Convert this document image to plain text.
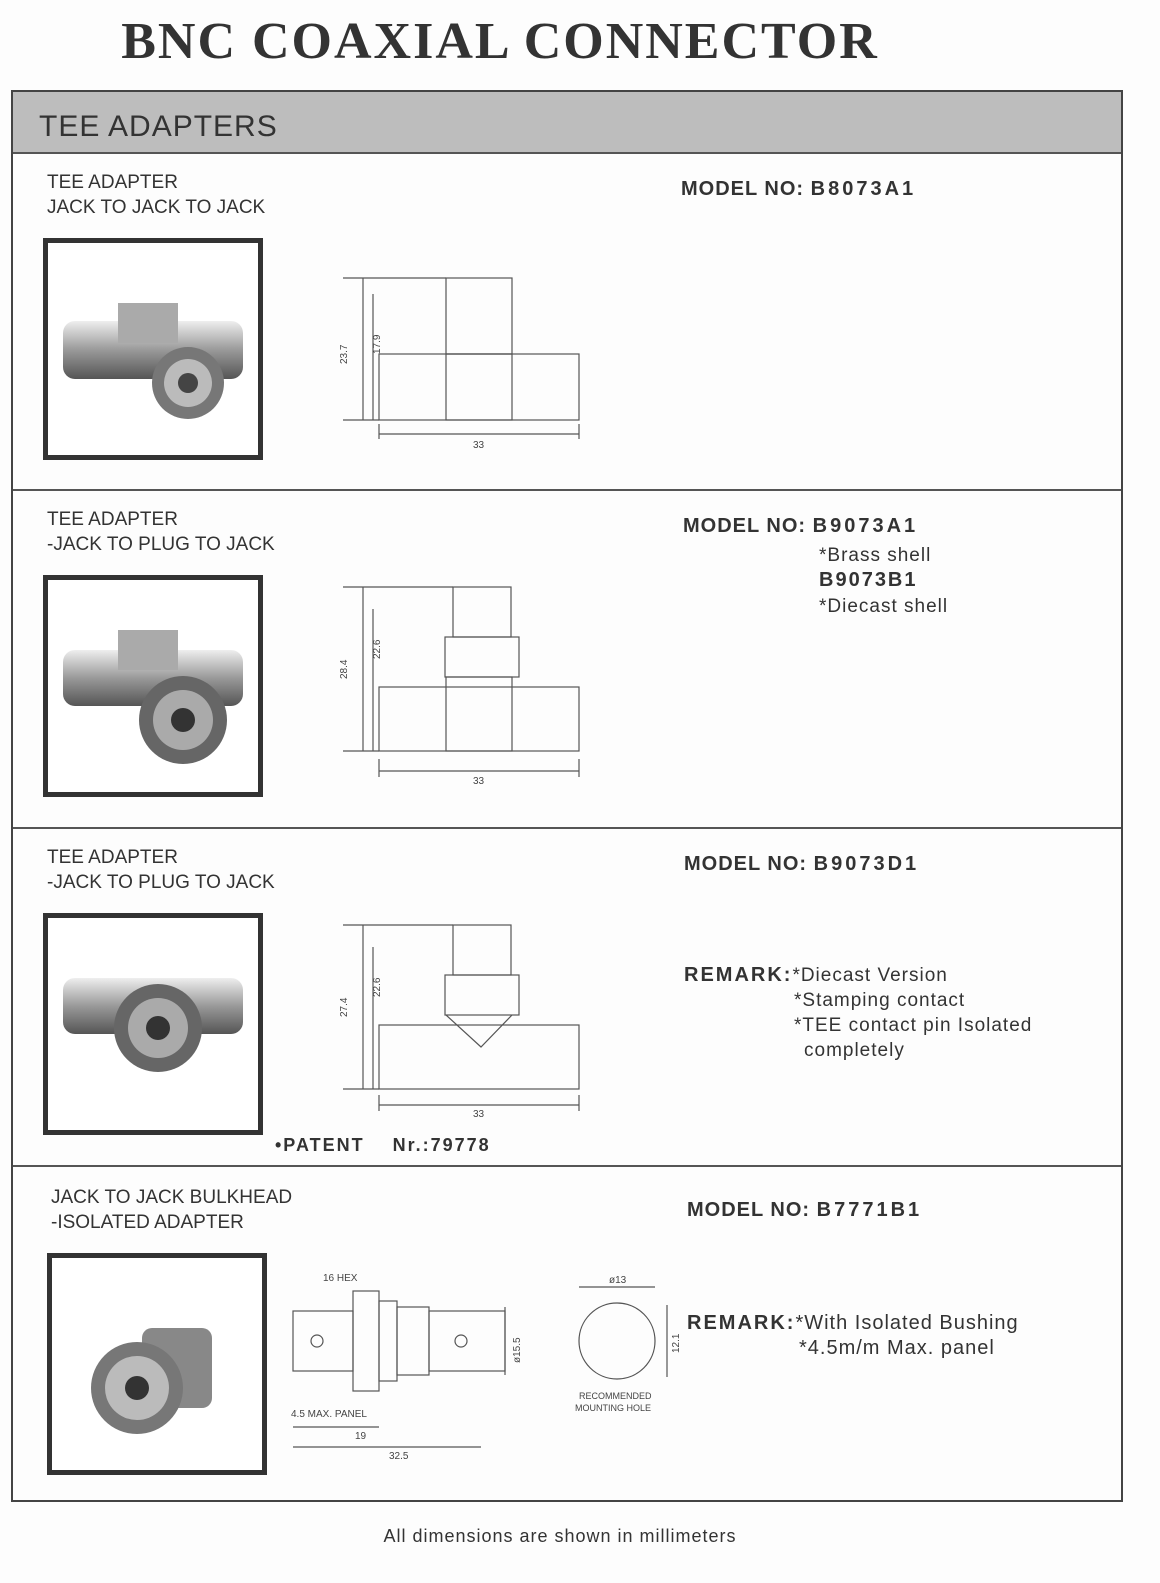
BNC COAXIAL CONNECTOR
TEE ADAPTERS
TEE ADAPTER
JACK TO JACK TO JACK
23.7
17.9
33
MODEL NO: B8073A1
TEE ADAPTER
-JACK TO PLUG TO JACK
28.4
22.6
33
MODEL NO: B9073A1
*Brass shell
B9073B1
*Diecast shell
TEE ADAPTER
-JACK TO PLUG TO JACK
27.4
22.6
33
•PATENT    Nr.:79778
MODEL NO: B9073D1
REMARK:*Diecast Version
*Stamping contact
*TEE contact pin Isolated
completely
JACK TO JACK BULKHEAD
-ISOLATED ADAPTER
16 HEX
ø15.5
4.5 MAX. PANEL
19
32.5
ø13
12.1
RECOMMENDED
MOUNTING HOLE
MODEL NO: B7771B1
REMARK:*With Isolated Bushing
*4.5m/m Max. panel
All dimensions are shown in millimeters
